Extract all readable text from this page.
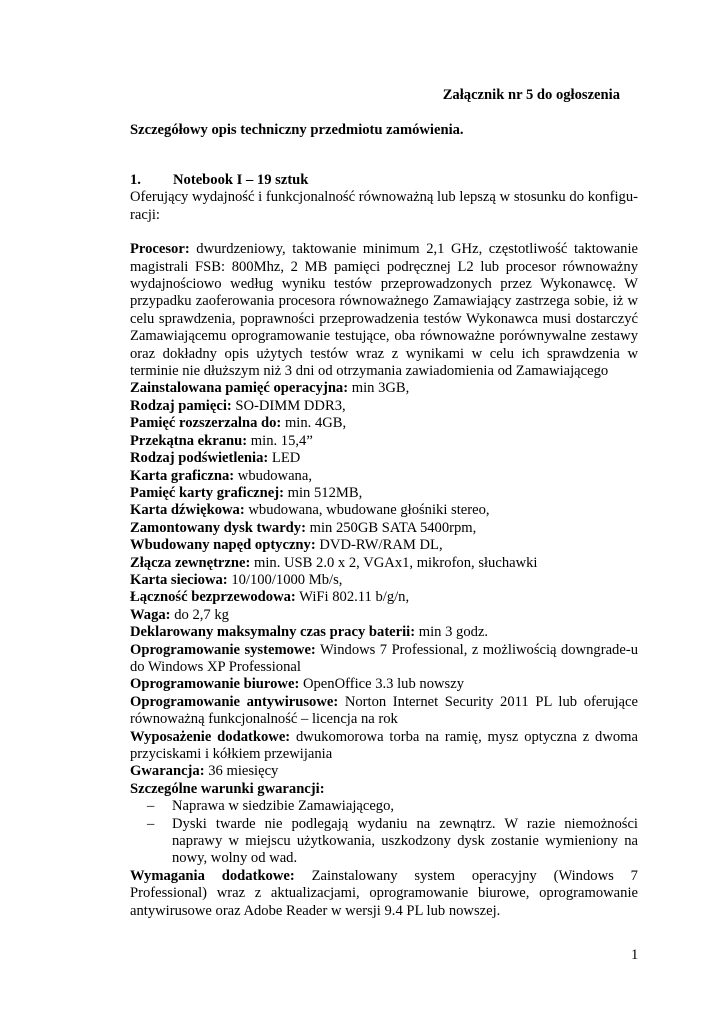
Załącznik nr 5 do ogłoszenia
Szczegółowy opis techniczny przedmiotu zamówienia.
1. Notebook I – 19 sztuk
Oferujący wydajność i funkcjonalność równoważną lub lepszą w stosunku do konfigu-racji:
Procesor: dwurdzeniowy, taktowanie minimum 2,1 GHz, częstotliwość taktowanie magistrali FSB: 800Mhz, 2 MB pamięci podręcznej L2 lub procesor równoważny wydajnościowo według wyniku testów przeprowadzonych przez Wykonawcę. W przypadku zaoferowania procesora równoważnego Zamawiający zastrzega sobie, iż w celu sprawdzenia, poprawności przeprowadzenia testów Wykonawca musi dostarczyć Zamawiającemu oprogramowanie testujące, oba równoważne porównywalne zestawy oraz dokładny opis użytych testów wraz z wynikami w celu ich sprawdzenia w terminie nie dłuższym niż 3 dni od otrzymania zawiadomienia od Zamawiającego
Zainstalowana pamięć operacyjna: min 3GB,
Rodzaj pamięci: SO-DIMM DDR3,
Pamięć rozszerzalna do: min. 4GB,
Przekątna ekranu: min. 15,4”
Rodzaj podświetlenia: LED
Karta graficzna: wbudowana,
Pamięć karty graficznej: min 512MB,
Karta dźwiękowa: wbudowana, wbudowane głośniki stereo,
Zamontowany dysk twardy: min 250GB SATA 5400rpm,
Wbudowany napęd optyczny: DVD-RW/RAM DL,
Złącza zewnętrzne: min. USB 2.0 x 2, VGAx1, mikrofon, słuchawki
Karta sieciowa: 10/100/1000 Mb/s,
Łączność bezprzewodowa: WiFi 802.11 b/g/n,
Waga: do 2,7 kg
Deklarowany maksymalny czas pracy baterii: min 3 godz.
Oprogramowanie systemowe: Windows 7 Professional, z możliwością downgrade-u do Windows XP Professional
Oprogramowanie biurowe: OpenOffice 3.3 lub nowszy
Oprogramowanie antywirusowe: Norton Internet Security 2011 PL lub oferujące równoważną funkcjonalność – licencja na rok
Wyposażenie dodatkowe: dwukomorowa torba na ramię, mysz optyczna z dwoma przyciskami i kółkiem przewijania
Gwarancja: 36 miesięcy
Szczególne warunki gwarancji:
– Naprawa w siedzibie Zamawiającego,
– Dyski twarde nie podlegają wydaniu na zewnątrz. W razie niemożności naprawy w miejscu użytkowania, uszkodzony dysk zostanie wymieniony na nowy, wolny od wad.
Wymagania dodatkowe: Zainstalowany system operacyjny (Windows 7 Professional) wraz z aktualizacjami, oprogramowanie biurowe, oprogramowanie antywirusowe oraz Adobe Reader w wersji 9.4 PL lub nowszej.
1
